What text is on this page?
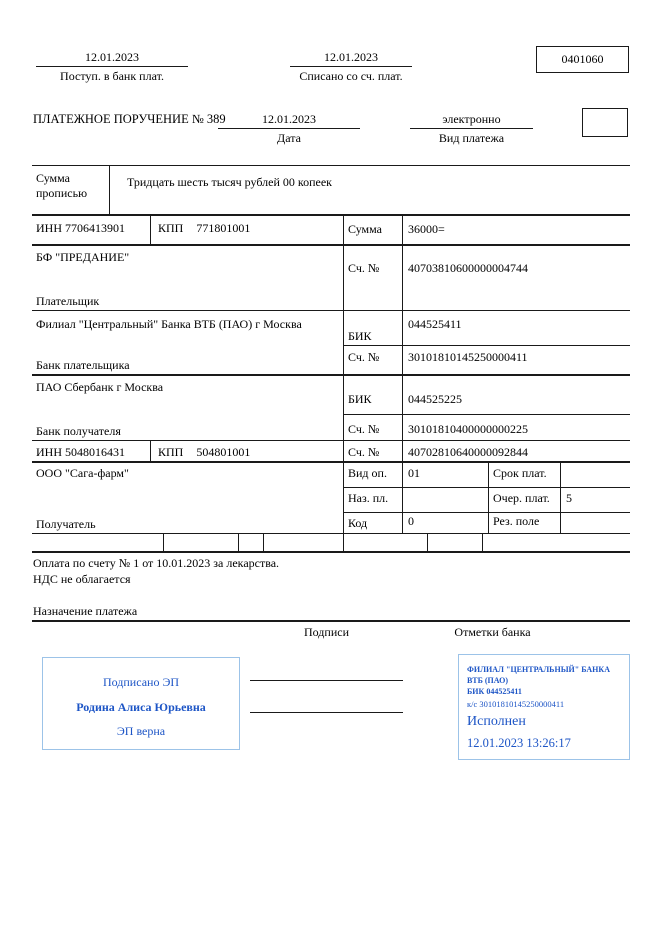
12.01.2023
Поступ. в банк плат.
12.01.2023
Списано со сч. плат.
0401060
ПЛАТЕЖНОЕ ПОРУЧЕНИЕ № 389	12.01.2023
Дата
электронно
Вид платежа
Сумма
прописью
Тридцать шесть тысяч рублей 00 копеек
ИНН 7706413901	КПП 771801001	Сумма 36000=
БФ "ПРЕДАНИЕ"
Сч. № 40703810600000004744
Плательщик
Филиал "Центральный" Банка ВТБ (ПАО) г Москва
БИК
044525411
Сч. № 30101810145250000411
Банк плательщика
ПАО Сбербанк г Москва
БИК	044525225
Сч. № 30101810400000000225
Банк получателя
ИНН 5048016431	КПП 504801001	Сч. № 40702810640000092844
ООО "Сага-фарм"	Вид оп. 01	Срок плат.
Наз. пл.	Очер. плат. 5
Код	0	Рез. поле
Получатель
Оплата по счету № 1 от 10.01.2023 за лекарства.
НДС не облагается
Назначение платежа
Подписи	Отметки банка
Подписано ЭП
Родина Алиса Юрьевна
ЭП верна
ФИЛИАЛ "ЦЕНТРАЛЬНЫЙ" БАНКА
ВТБ (ПАО)
БИК 044525411
к/с 30101810145250000411
Исполнен
12.01.2023 13:26:17
